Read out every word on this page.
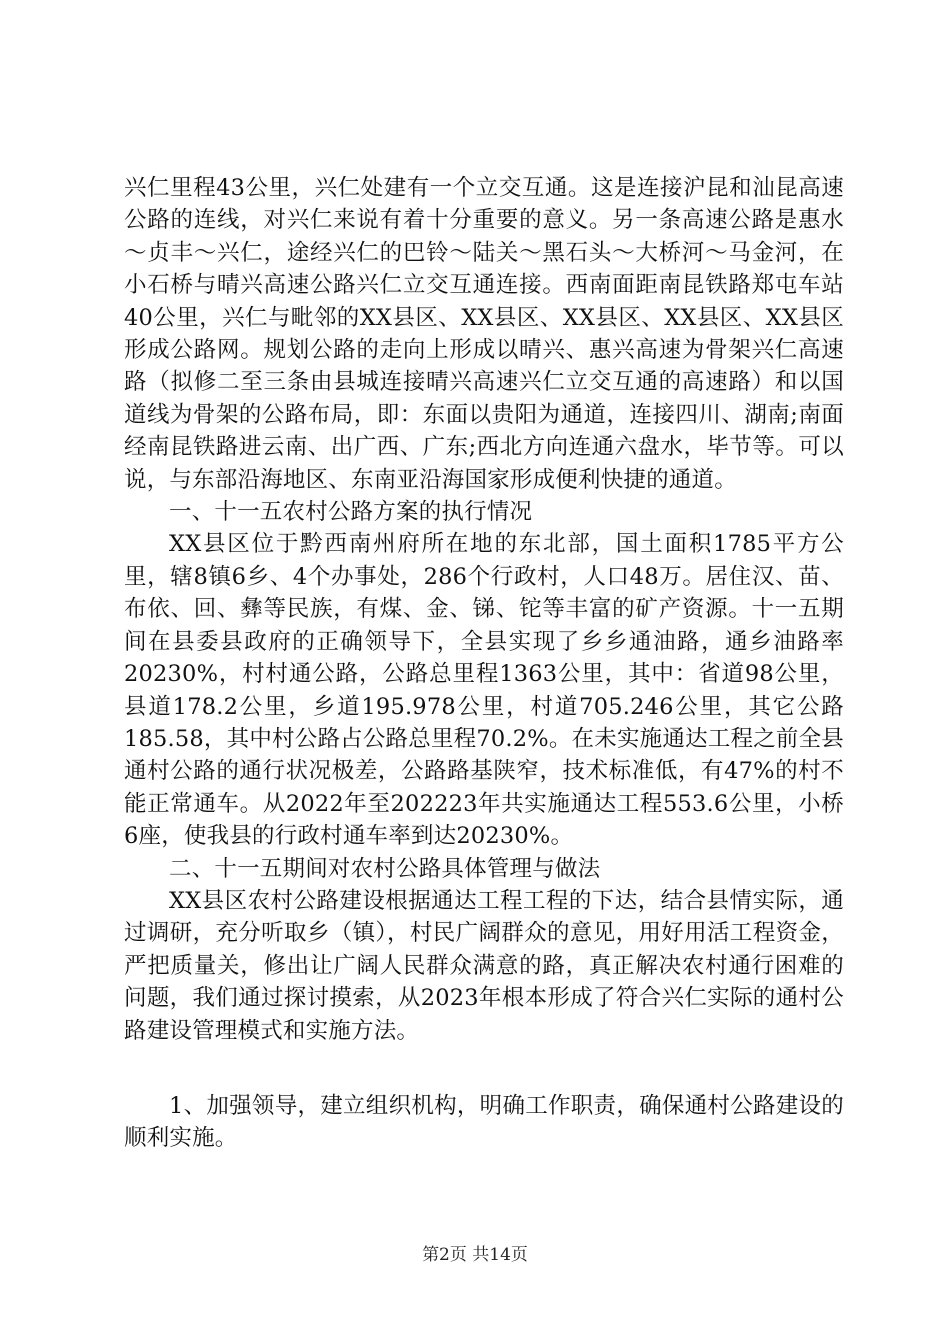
兴仁里程43公里，兴仁处建有一个立交互通。这是连接沪昆和汕昆高速公路的连线，对兴仁来说有着十分重要的意义。另一条高速公路是惠水～贞丰～兴仁，途经兴仁的巴铃～陆关～黑石头～大桥河～马金河，在小石桥与晴兴高速公路兴仁立交互通连接。西南面距南昆铁路郑屯车站40公里，兴仁与毗邻的XX县区、XX县区、XX县区、XX县区、XX县区形成公路网。规划公路的走向上形成以晴兴、惠兴高速为骨架兴仁高速路（拟修二至三条由县城连接晴兴高速兴仁立交互通的高速路）和以国道线为骨架的公路布局，即：东面以贵阳为通道，连接四川、湖南;南面经南昆铁路进云南、出广西、广东;西北方向连通六盘水，毕节等。可以说，与东部沿海地区、东南亚沿海国家形成便利快捷的通道。

一、十一五农村公路方案的执行情况

XX县区位于黔西南州府所在地的东北部，国土面积1785平方公里，辖8镇6乡、4个办事处，286个行政村，人口48万。居住汉、苗、布依、回、彝等民族，有煤、金、锑、铊等丰富的矿产资源。十一五期间在县委县政府的正确领导下，全县实现了乡乡通油路，通乡油路率20230%，村村通公路，公路总里程1363公里，其中：省道98公里，县道178.2公里，乡道195.978公里，村道705.246公里，其它公路185.58，其中村公路占公路总里程70.2%。在未实施通达工程之前全县通村公路的通行状况极差，公路路基陕窄，技术标准低，有47%的村不能正常通车。从2022年至202223年共实施通达工程553.6公里，小桥6座，使我县的行政村通车率到达20230%。

二、十一五期间对农村公路具体管理与做法

XX县区农村公路建设根据通达工程工程的下达，结合县情实际，通过调研，充分听取乡（镇），村民广阔群众的意见，用好用活工程资金，严把质量关，修出让广阔人民群众满意的路，真正解决农村通行困难的问题，我们通过探讨摸索，从2023年根本形成了符合兴仁实际的通村公路建设管理模式和实施方法。

1、加强领导，建立组织机构，明确工作职责，确保通村公路建设的顺利实施。

第2页 共14页
